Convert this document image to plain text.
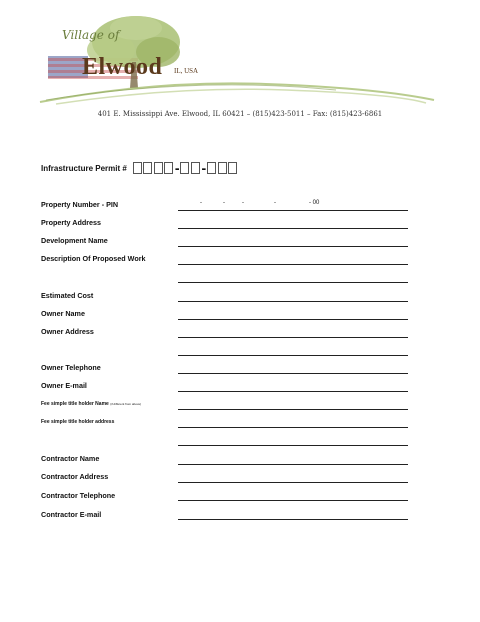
Village of
Elwood IL, USA
401 E. Mississippi Ave. Elwood, IL 60421 – (815)423-5011 – Fax: (815)423-6861
Infrastructure Permit #	- -
-	-	-	-	- 00
Property Number - PIN
Property Address
Development Name
Description Of Proposed Work
Estimated Cost
Owner Name
Owner Address
Owner Telephone
Owner E-mail
Fee simple title holder Name (if different from above)
Fee simple title holder address
Contractor Name
Contractor Address
Contractor Telephone
Contractor E-mail
